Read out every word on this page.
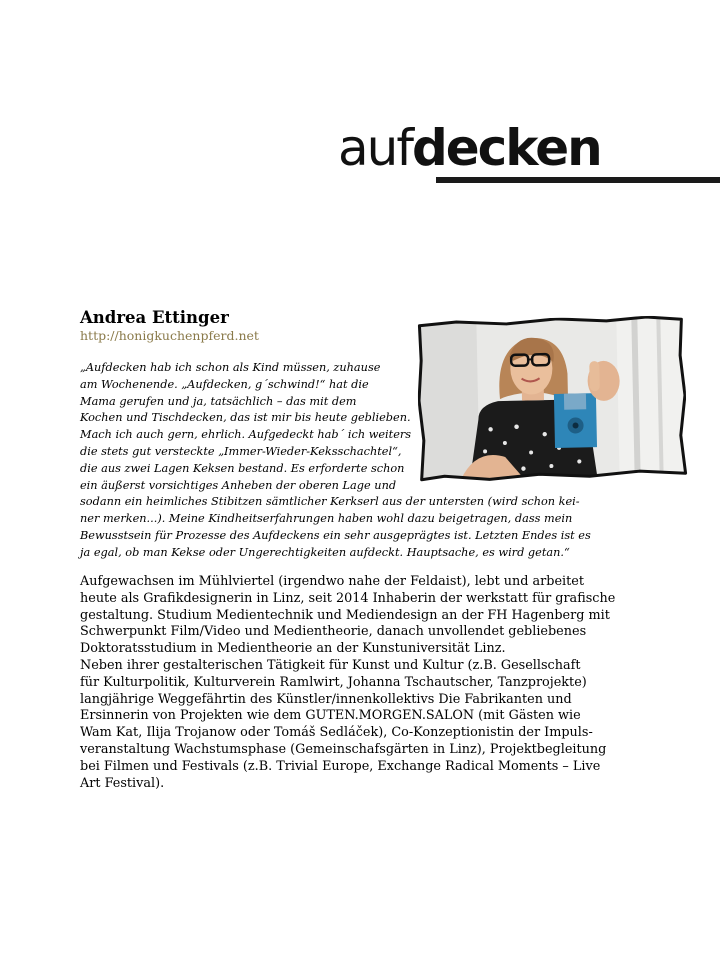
aufdecken
Andrea Ettinger
http://honigkuchenpferd.net

„Aufdecken hab ich schon als Kind müssen, zuhause
am Wochenende. „Aufdecken, g´schwind!“ hat die
Mama gerufen und ja, tatsächlich – das mit dem
Kochen und Tischdecken, das ist mir bis heute geblieben.
Mach ich auch gern, ehrlich. Aufgedeckt hab´ ich weiters
die stets gut versteckte „Immer-Wieder-Keksschachtel“,
die aus zwei Lagen Keksen bestand. Es erforderte schon
ein äußerst vorsichtiges Anheben der oberen Lage und
sodann ein heimliches Stibitzen sämtlicher Kerkserl aus der untersten (wird schon kei-
ner merken...). Meine Kindheitserfahrungen haben wohl dazu beigetragen, dass mein
Bewusstsein für Prozesse des Aufdeckens ein sehr ausgeprägtes ist. Letzten Endes ist es
ja egal, ob man Kekse oder Ungerechtigkeiten aufdeckt. Hauptsache, es wird getan.“

Aufgewachsen im Mühlviertel (irgendwo nahe der Feldaist), lebt und arbeitet
heute als Grafikdesignerin in Linz, seit 2014 Inhaberin der werkstatt für grafische
gestaltung. Studium Medientechnik und Mediendesign an der FH Hagenberg mit
Schwerpunkt Film/Video und Medientheorie, danach unvollendet gebliebenes
Doktoratsstudium in Medientheorie an der Kunstuniversität Linz.
Neben ihrer gestalterischen Tätigkeit für Kunst und Kultur (z.B. Gesellschaft
für Kulturpolitik, Kulturverein Ramlwirt, Johanna Tschautscher, Tanzprojekte)
langjährige Weggefährtin des Künstler/innenkollektivs Die Fabrikanten und
Ersinnerin von Projekten wie dem GUTEN.MORGEN.SALON (mit Gästen wie
Wam Kat, Ilija Trojanow oder Tomáš Sedláček), Co-Konzeptionistin der Impuls-
veranstaltung Wachstumsphase (Gemeinschafsgärten in Linz), Projektbegleitung
bei Filmen und Festivals (z.B. Trivial Europe, Exchange Radical Moments – Live
Art Festival).
